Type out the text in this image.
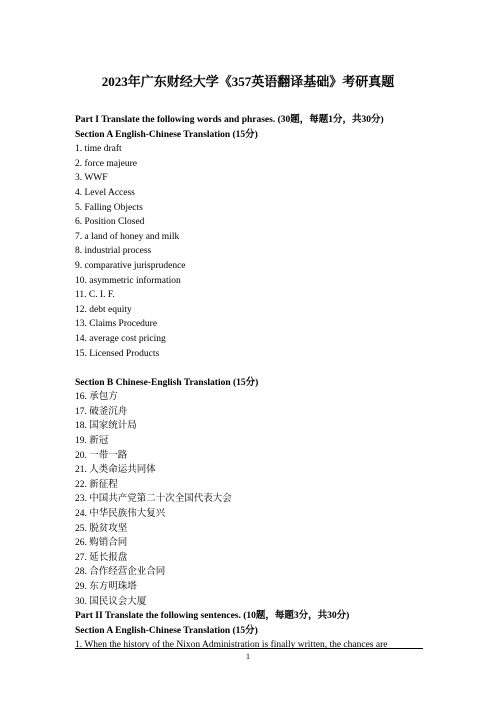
2023年广东财经大学《357英语翻译基础》考研真题
Part I Translate the following words and phrases. (30题，每题1分，共30分)
Section A English-Chinese Translation (15分)
1. time draft
2. force majeure
3. WWF
4. Level Access
5. Falling Objects
6. Position Closed
7. a land of honey and milk
8. industrial process
9. comparative jurisprudence
10. asymmetric information
11. C. I. F.
12. debt equity
13. Claims Procedure
14. average cost pricing
15. Licensed Products
Section B Chinese-English Translation (15分)
16. 承包方
17. 破釜沉舟
18. 国家统计局
19. 新冠
20. 一带一路
21. 人类命运共同体
22. 新征程
23. 中国共产党第二十次全国代表大会
24. 中华民族伟大复兴
25. 脱贫攻坚
26. 购销合同
27. 延长报盘
28. 合作经营企业合同
29. 东方明珠塔
30. 国民议会大厦
Part II Translate the following sentences. (10题，每题3分，共30分)
Section A English-Chinese Translation (15分)
1. When the history of the Nixon Administration is finally written, the chances are
1
